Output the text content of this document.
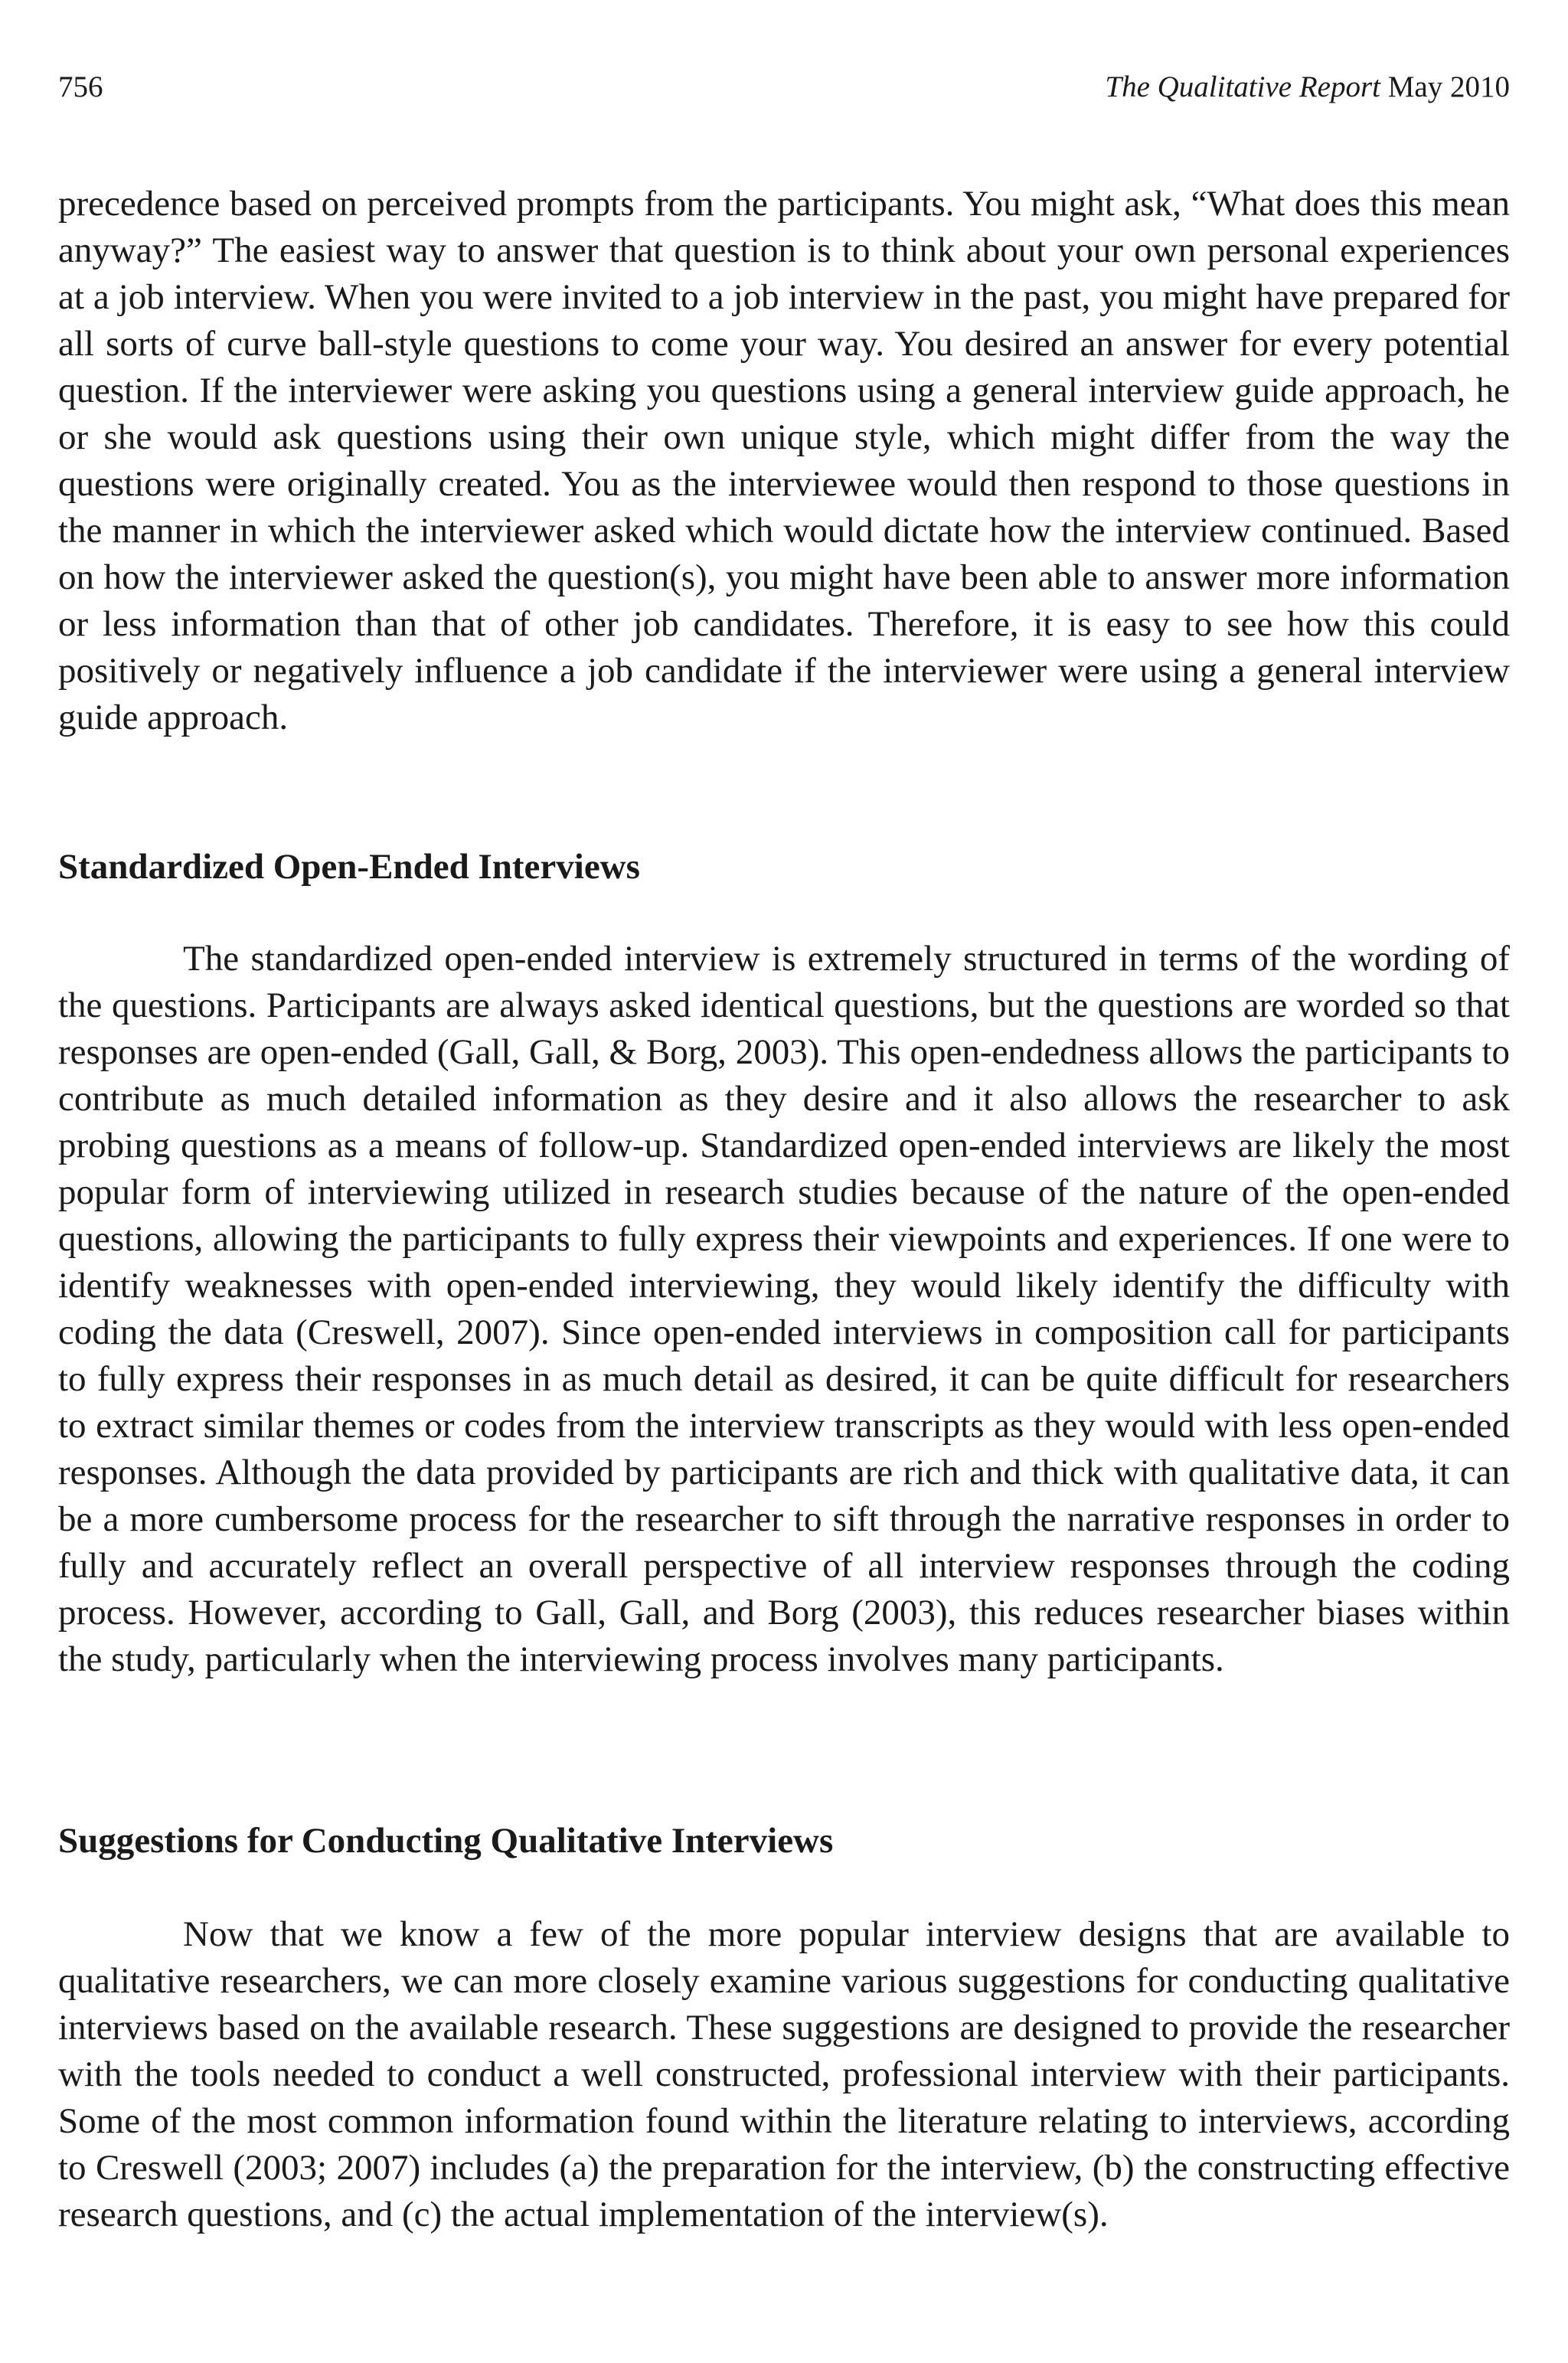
756	The Qualitative Report May 2010

precedence based on perceived prompts from the participants. You might ask, “What does this mean anyway?” The easiest way to answer that question is to think about your own personal experiences at a job interview. When you were invited to a job interview in the past, you might have prepared for all sorts of curve ball-style questions to come your way. You desired an answer for every potential question. If the interviewer were asking you questions using a general interview guide approach, he or she would ask questions using their own unique style, which might differ from the way the questions were originally created. You as the interviewee would then respond to those questions in the manner in which the interviewer asked which would dictate how the interview continued. Based on how the interviewer asked the question(s), you might have been able to answer more information or less information than that of other job candidates. Therefore, it is easy to see how this could positively or negatively influence a job candidate if the interviewer were using a general interview guide approach.

Standardized Open-Ended Interviews

The standardized open-ended interview is extremely structured in terms of the wording of the questions. Participants are always asked identical questions, but the questions are worded so that responses are open-ended (Gall, Gall, & Borg, 2003). This open-endedness allows the participants to contribute as much detailed information as they desire and it also allows the researcher to ask probing questions as a means of follow-up. Standardized open-ended interviews are likely the most popular form of interviewing utilized in research studies because of the nature of the open-ended questions, allowing the participants to fully express their viewpoints and experiences. If one were to identify weaknesses with open-ended interviewing, they would likely identify the difficulty with coding the data (Creswell, 2007). Since open-ended interviews in composition call for participants to fully express their responses in as much detail as desired, it can be quite difficult for researchers to extract similar themes or codes from the interview transcripts as they would with less open-ended responses. Although the data provided by participants are rich and thick with qualitative data, it can be a more cumbersome process for the researcher to sift through the narrative responses in order to fully and accurately reflect an overall perspective of all interview responses through the coding process. However, according to Gall, Gall, and Borg (2003), this reduces researcher biases within the study, particularly when the interviewing process involves many participants.

Suggestions for Conducting Qualitative Interviews

Now that we know a few of the more popular interview designs that are available to qualitative researchers, we can more closely examine various suggestions for conducting qualitative interviews based on the available research. These suggestions are designed to provide the researcher with the tools needed to conduct a well constructed, professional interview with their participants. Some of the most common information found within the literature relating to interviews, according to Creswell (2003; 2007) includes (a) the preparation for the interview, (b) the constructing effective research questions, and (c) the actual implementation of the interview(s).
